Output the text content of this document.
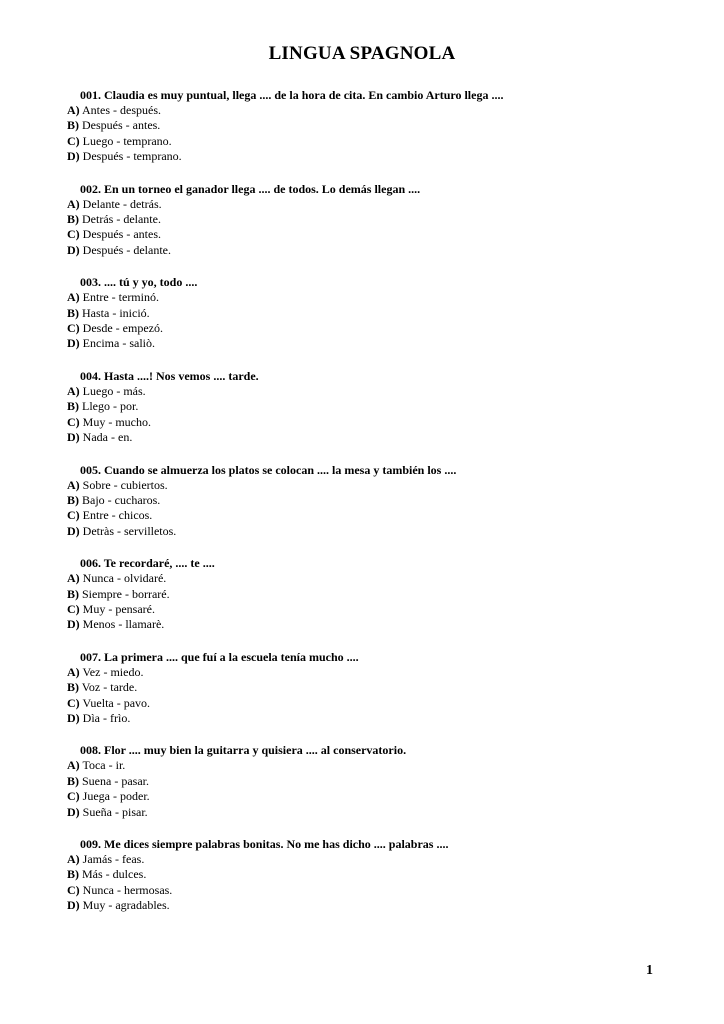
LINGUA SPAGNOLA
001. Claudia es muy puntual, llega .... de la hora de cita. En cambio Arturo llega ....
A) Antes - después.
B) Después - antes.
C) Luego - temprano.
D) Después - temprano.
002. En un torneo el ganador llega .... de todos. Lo demás llegan ....
A) Delante - detrás.
B) Detrás - delante.
C) Después - antes.
D) Después - delante.
003. .... tú y yo, todo ....
A) Entre - terminó.
B) Hasta - inició.
C) Desde - empezó.
D) Encima - saliò.
004. Hasta ....! Nos vemos .... tarde.
A) Luego - más.
B) Llego - por.
C) Muy - mucho.
D) Nada - en.
005. Cuando se almuerza los platos se colocan .... la mesa y también los ....
A) Sobre - cubiertos.
B) Bajo - cucharos.
C) Entre - chicos.
D) Detràs - servilletos.
006. Te recordaré, .... te ....
A) Nunca - olvidaré.
B) Siempre - borraré.
C) Muy - pensaré.
D) Menos - llamarè.
007. La primera .... que fuí a la escuela tenía mucho ....
A) Vez - miedo.
B) Voz - tarde.
C) Vuelta - pavo.
D) Dìa - frìo.
008. Flor .... muy bien la guitarra y quisiera .... al conservatorio.
A) Toca - ir.
B) Suena - pasar.
C) Juega - poder.
D) Sueña - pisar.
009. Me dices siempre palabras bonitas. No me has dicho .... palabras ....
A) Jamás - feas.
B) Más - dulces.
C) Nunca - hermosas.
D) Muy - agradables.
1
